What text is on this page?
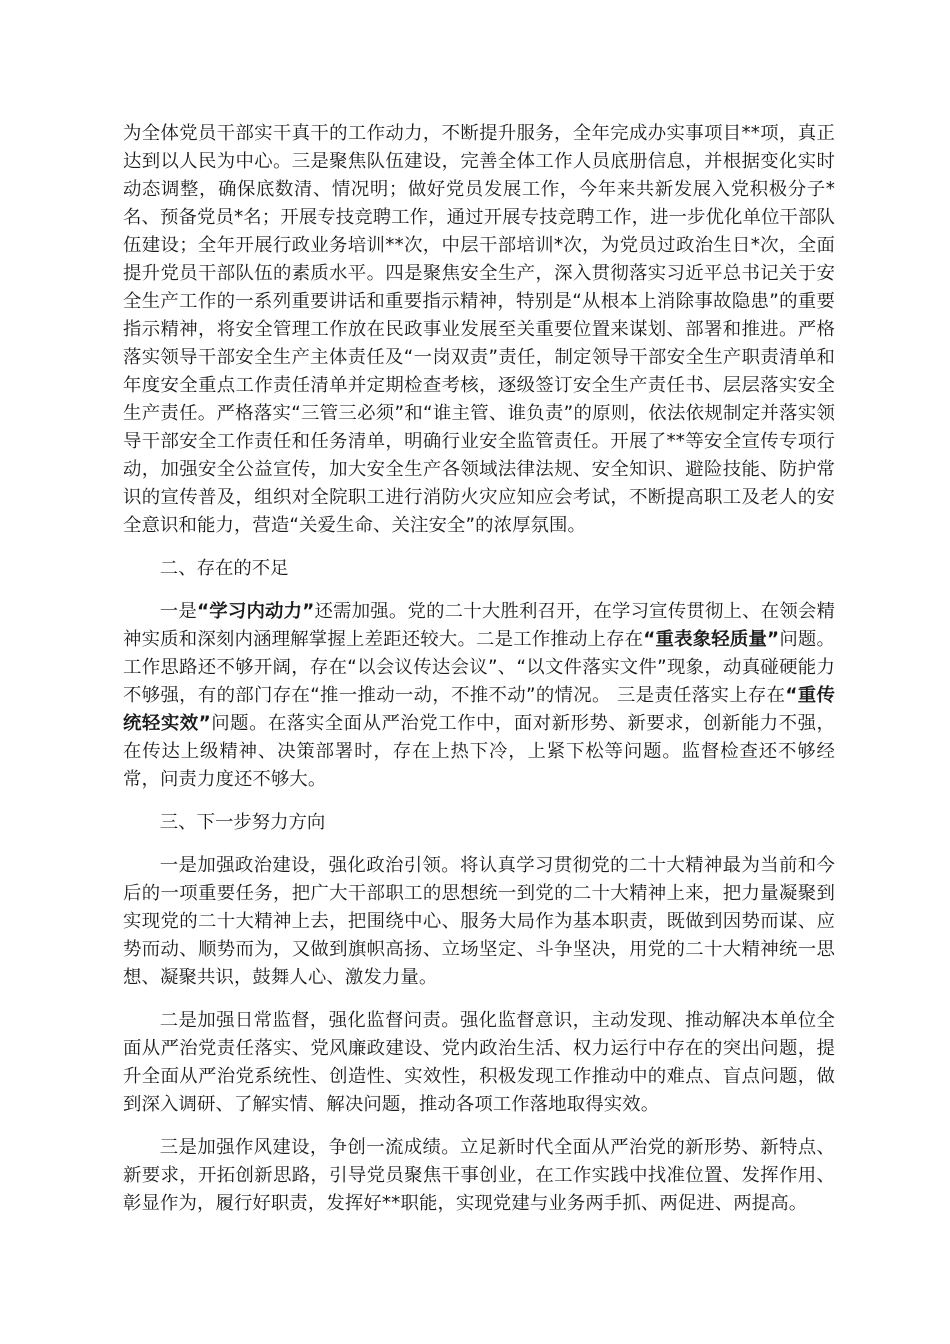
为全体党员干部实干真干的工作动力，不断提升服务，全年完成办实事项目**项，真正达到以人民为中心。三是聚焦队伍建设，完善全体工作人员底册信息，并根据变化实时动态调整，确保底数清、情况明；做好党员发展工作，今年来共新发展入党积极分子*名、预备党员*名；开展专技竞聘工作，通过开展专技竞聘工作，进一步优化单位干部队伍建设；全年开展行政业务培训**次，中层干部培训*次，为党员过政治生日*次，全面提升党员干部队伍的素质水平。四是聚焦安全生产，深入贯彻落实习近平总书记关于安全生产工作的一系列重要讲话和重要指示精神，特别是“从根本上消除事故隐患”的重要指示精神，将安全管理工作放在民政事业发展至关重要位置来谋划、部署和推进。严格落实领导干部安全生产主体责任及“一岗双责”责任，制定领导干部安全生产职责清单和年度安全重点工作责任清单并定期检查考核，逐级签订安全生产责任书、层层落实安全生产责任。严格落实“三管三必须”和“谁主管、谁负责”的原则，依法依规制定并落实领导干部安全工作责任和任务清单，明确行业安全监管责任。开展了**等安全宣传专项行动，加强安全公益宣传，加大安全生产各领域法律法规、安全知识、避险技能、防护常识的宣传普及，组织对全院职工进行消防火灾应知应会考试，不断提高职工及老人的安全意识和能力，营造“关爱生命、关注安全”的浓厚氛围。

二、存在的不足

一是“学习内动力”还需加强。党的二十大胜利召开，在学习宣传贯彻上、在领会精神实质和深刻内涵理解掌握上差距还较大。二是工作推动上存在“重表象轻质量”问题。工作思路还不够开阔，存在“以会议传达会议”、“以文件落实文件”现象，动真碰硬能力不够强，有的部门存在“推一推动一动，不推不动”的情况。 三是责任落实上存在“重传统轻实效”问题。在落实全面从严治党工作中，面对新形势、新要求，创新能力不强，在传达上级精神、决策部署时，存在上热下冷，上紧下松等问题。监督检查还不够经常，问责力度还不够大。

三、下一步努力方向

一是加强政治建设，强化政治引领。将认真学习贯彻党的二十大精神最为当前和今后的一项重要任务，把广大干部职工的思想统一到党的二十大精神上来，把力量凝聚到实现党的二十大精神上去，把围绕中心、服务大局作为基本职责，既做到因势而谋、应势而动、顺势而为，又做到旗帜高扬、立场坚定、斗争坚决，用党的二十大精神统一思想、凝聚共识，鼓舞人心、激发力量。

二是加强日常监督，强化监督问责。强化监督意识，主动发现、推动解决本单位全面从严治党责任落实、党风廉政建设、党内政治生活、权力运行中存在的突出问题，提升全面从严治党系统性、创造性、实效性，积极发现工作推动中的难点、盲点问题，做到深入调研、了解实情、解决问题，推动各项工作落地取得实效。

三是加强作风建设，争创一流成绩。立足新时代全面从严治党的新形势、新特点、新要求，开拓创新思路，引导党员聚焦干事创业，在工作实践中找准位置、发挥作用、彰显作为，履行好职责，发挥好**职能，实现党建与业务两手抓、两促进、两提高。
